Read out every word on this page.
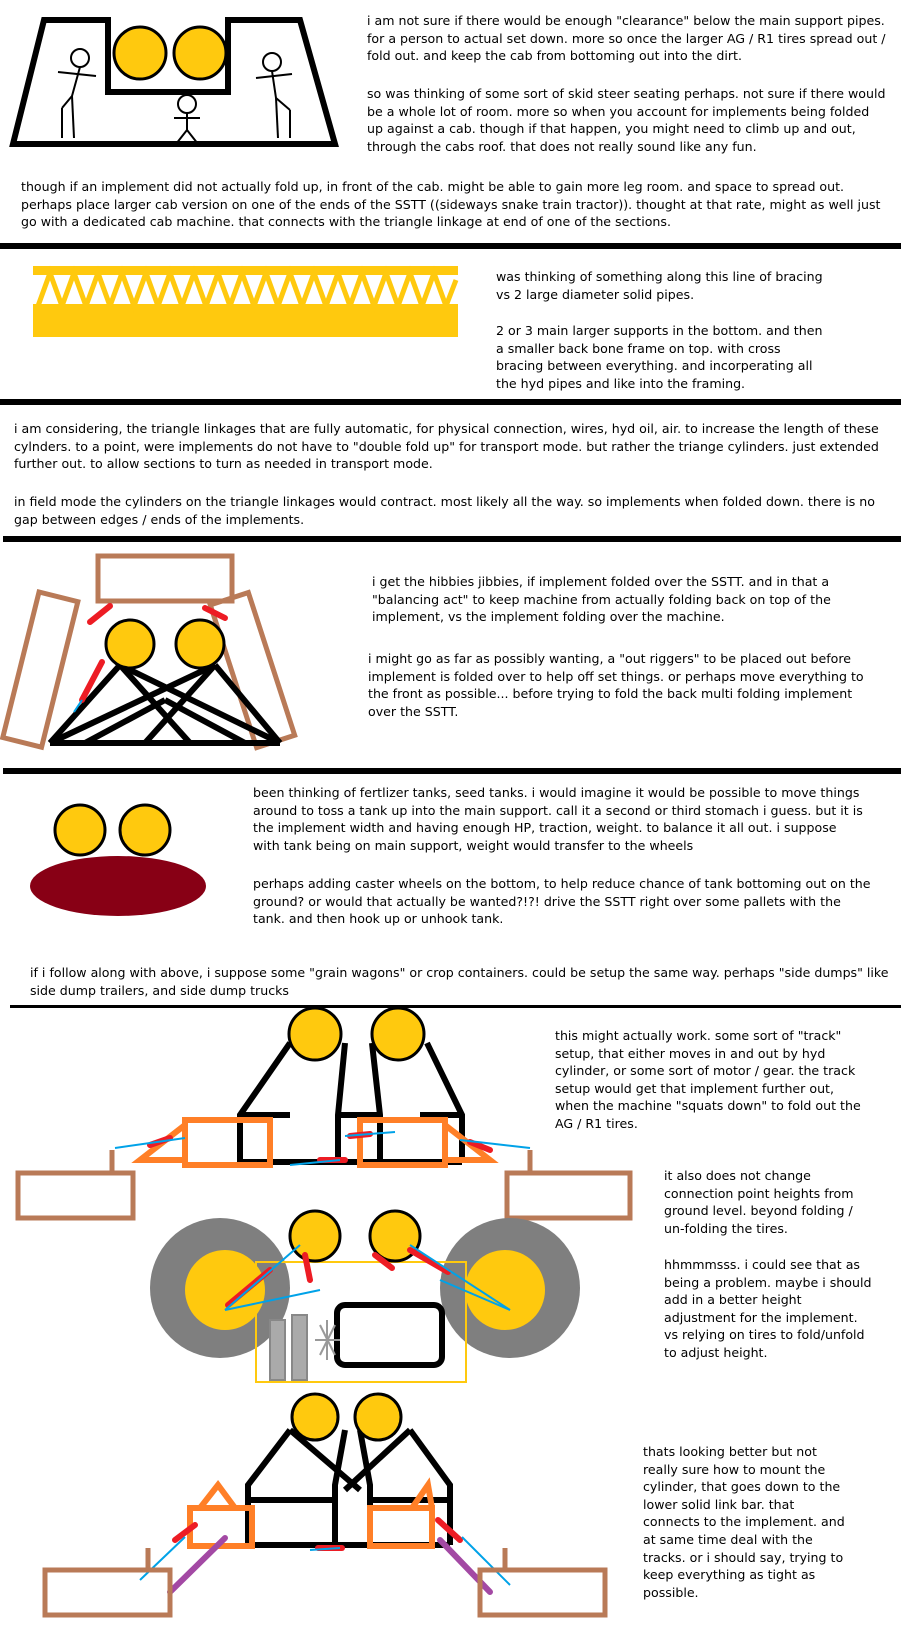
i am not sure if there would be enough "clearance" below the main support pipes.
for a person to actual set down. more so once the larger AG / R1 tires spread out /
fold out. and keep the cab from bottoming out into the dirt.

so was thinking of some sort of skid steer seating perhaps. not sure if there would
be a whole lot of room. more so when you account for implements being folded
up against a cab. though if that happen, you might need to climb up and out,
through the cabs roof. that does not really sound like any fun.

though if an implement did not actually fold up, in front of the cab. might be able to gain more leg room. and space to spread out.
perhaps place larger cab version on one of the ends of the SSTT ((sideways snake train tractor)). thought at that rate, might as well just
go with a dedicated cab machine. that connects with the triangle linkage at end of one of the sections.

was thinking of something along this line of bracing
vs 2 large diameter solid pipes.

2 or 3 main larger supports in the bottom. and then
a smaller back bone frame on top. with cross
bracing between everything. and incorperating all
the hyd pipes and like into the framing.

i am considering, the triangle linkages that are fully automatic, for physical connection, wires, hyd oil, air. to increase the length of these
cylnders. to a point, were implements do not have to "double fold up" for transport mode. but rather the triange cylinders. just extended
further out. to allow sections to turn as needed in transport mode.

in field mode the cylinders on the triangle linkages would contract. most likely all the way. so implements when folded down. there is no
gap between edges / ends of the implements.

i get the hibbies jibbies, if implement folded over the SSTT. and in that a
"balancing act" to keep machine from actually folding back on top of the
implement, vs the implement folding over the machine.

i might go as far as possibly wanting, a "out riggers" to be placed out before
implement is folded over to help off set things. or perhaps move everything to
the front as possible... before trying to fold the back multi folding implement
over the SSTT.

been thinking of fertlizer tanks, seed tanks. i would imagine it would be possible to move things
around to toss a tank up into the main support. call it a second or third stomach i guess. but it is
the implement width and having enough HP, traction, weight. to balance it all out. i suppose
with tank being on main support, weight would transfer to the wheels

perhaps adding caster wheels on the bottom, to help reduce chance of tank bottoming out on the
ground? or would that actually be wanted?!?! drive the SSTT right over some pallets with the
tank. and then hook up or unhook tank.

if i follow along with above, i suppose some "grain wagons" or crop containers. could be setup the same way. perhaps "side dumps" like
side dump trailers, and side dump trucks

this might actually work. some sort of "track"
setup, that either moves in and out by hyd
cylinder, or some sort of motor / gear. the track
setup would get that implement further out,
when the machine "squats down" to fold out the
AG / R1 tires.

it also does not change
connection point heights from
ground level. beyond folding /
un-folding the tires.

hhmmmsss. i could see that as
being a problem. maybe i should
add in a better height
adjustment for the implement.
vs relying on tires to fold/unfold
to adjust height.

thats looking better but not
really sure how to mount the
cylinder, that goes down to the
lower solid link bar. that
connects to the implement. and
at same time deal with the
tracks. or i should say, trying to
keep everything as tight as
possible.
